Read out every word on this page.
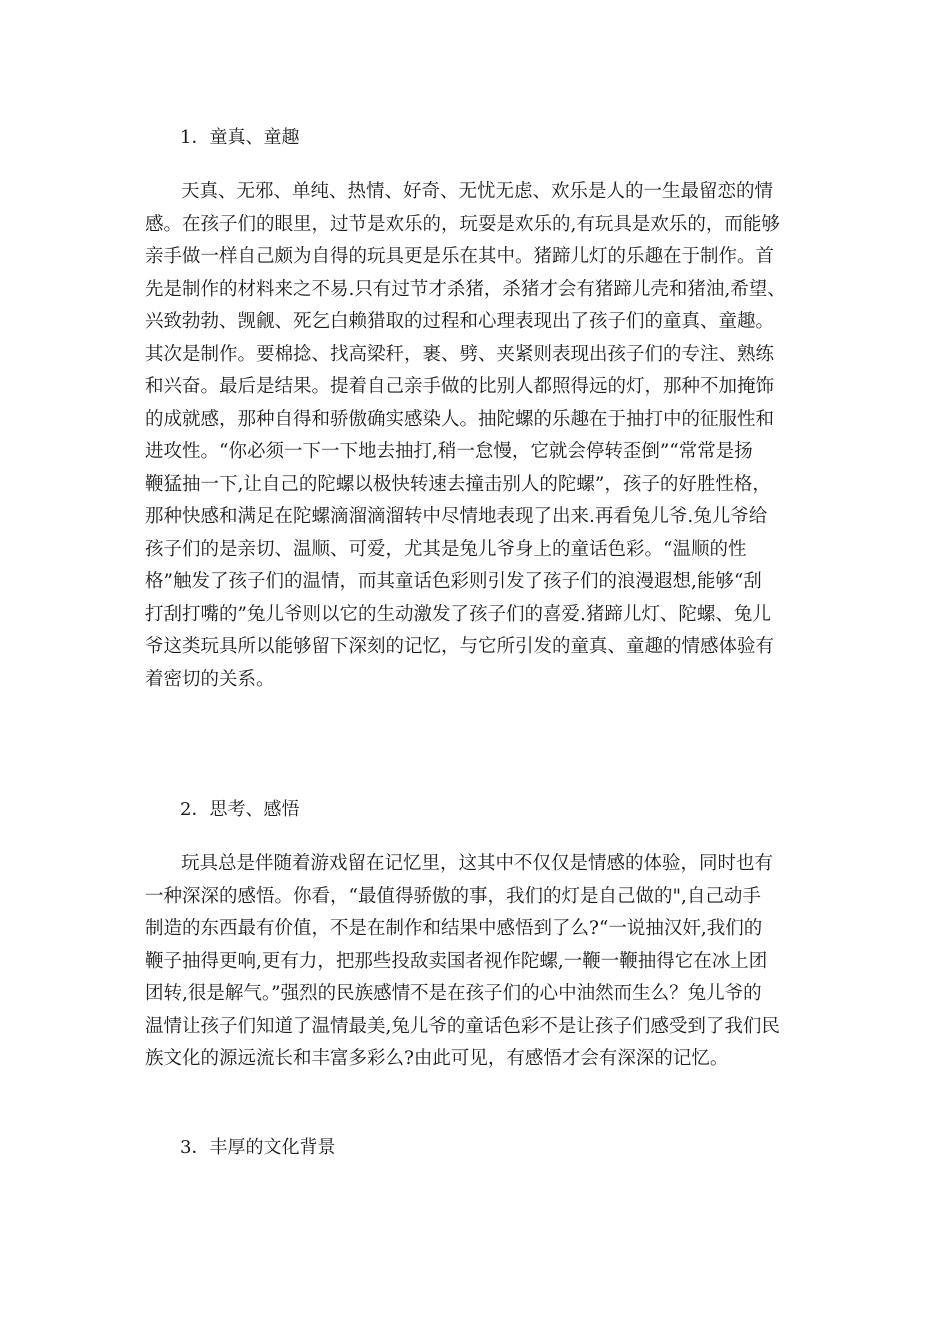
1．童真、童趣
天真、无邪、单纯、热情、好奇、无忧无虑、欢乐是人的一生最留恋的情
感。在孩子们的眼里，过节是欢乐的，玩耍是欢乐的,有玩具是欢乐的，而能够
亲手做一样自己颇为自得的玩具更是乐在其中。猪蹄儿灯的乐趣在于制作。首
先是制作的材料来之不易.只有过节才杀猪，杀猪才会有猪蹄儿壳和猪油,希望、
兴致勃勃、觊觎、死乞白赖猎取的过程和心理表现出了孩子们的童真、童趣。
其次是制作。要棉捻、找高梁秆，裹、劈、夹紧则表现出孩子们的专注、熟练
和兴奋。最后是结果。提着自己亲手做的比别人都照得远的灯，那种不加掩饰
的成就感，那种自得和骄傲确实感染人。抽陀螺的乐趣在于抽打中的征服性和
进攻性。“你必须一下一下地去抽打,稍一怠慢，它就会停转歪倒”“常常是扬
鞭猛抽一下,让自己的陀螺以极快转速去撞击别人的陀螺”，孩子的好胜性格，
那种快感和满足在陀螺滴溜滴溜转中尽情地表现了出来.再看兔儿爷.兔儿爷给
孩子们的是亲切、温顺、可爱，尤其是兔儿爷身上的童话色彩。“温顺的性
格”触发了孩子们的温情，而其童话色彩则引发了孩子们的浪漫遐想,能够“刮
打刮打嘴的”兔儿爷则以它的生动激发了孩子们的喜爱.猪蹄儿灯、陀螺、兔儿
爷这类玩具所以能够留下深刻的记忆，与它所引发的童真、童趣的情感体验有
着密切的关系。
2．思考、感悟
玩具总是伴随着游戏留在记忆里，这其中不仅仅是情感的体验，同时也有
一种深深的感悟。你看，“最值得骄傲的事，我们的灯是自己做的",自己动手
制造的东西最有价值，不是在制作和结果中感悟到了么?“一说抽汉奸,我们的
鞭子抽得更响,更有力，把那些投敌卖国者视作陀螺,一鞭一鞭抽得它在冰上团
团转,很是解气。”强烈的民族感情不是在孩子们的心中油然而生么？兔儿爷的
温情让孩子们知道了温情最美,兔儿爷的童话色彩不是让孩子们感受到了我们民
族文化的源远流长和丰富多彩么?由此可见，有感悟才会有深深的记忆。
3．丰厚的文化背景
